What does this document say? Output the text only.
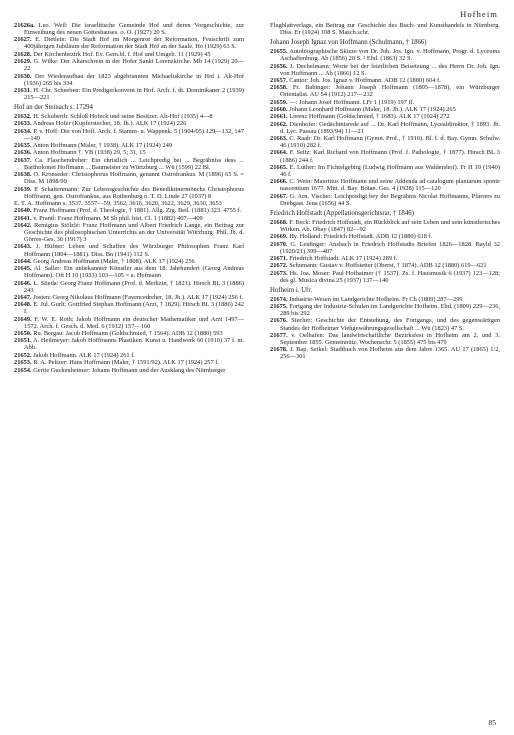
Hofheim
21626a. Leo. Weil: Die israelitische Gemeinde Hof und deren Vorgeschichte, zur Einweihung des neuen Gotteshauses. o. O. (1927) 20 S.
21627. E. Dietlein: Die Stadt Hof im Morgenrot der Reformation, Festschrift zum 400jährigen Jubiläum der Reformation der Stadt Hof an der Saale. Ho (1929) 63 S.
21628. Der Kirchenbezirk Hof. Ev. Gem.bl. f. Hof und Umgeb. 11 (1929) 45
21629. G. Wilke: Der Altarschrein in der Hofer Sankt Lorenzkirche. Mb 14 (1929) 20—22
21630. Der Wiederaufbau der 1823 abgebrannten Michaeliskirche in Hof i. Alt-Hof (1936) 265 bis 334
21631. H. Chr. Scheeben: Ein Predigerkonvent in Hof. Arch. f. dt. Dominikaner 2 (1939) 215—221
Hof an der Steinach s. 17294
21632. H. Schuberth: Schloß Hofeck und seine Besitzer. Alt-Hof (1935) 4—8
21633. Andreas Hofer (Kupferstecher, 18. Jh.). ALK 17 (1924) 226
21634. P. v. Hoff: Die von Hoff. Arch. f. Stamm- u. Wappenk. 5 (1904/05) 129—132, 147—149
21635. Anton Hoffmann (Maler, † 1938). ALK 17 (1924) 249
21636. Anton Hoffmann †. VB (1938) 29, 5; 31, 15
21637. Ca. Flaschendreher: Ein christlich ... Leichpredig bei ... Begräbniss dess ... Bartholomei Hoffmann ... Baumeister zu Würtzburg ... Wü (1599) 22 Bl.
21638. O. Kronseder: Christophorus Hoffmann, genannt Ostrofrankus. M (1896) 65 S. = Diss. M 1898/99
21639. P. Schattenmann: Zur Lebensgeschichte des Benediktinermönchs Christophorus Hoffmann, gen. Ostrofrankus, aus Rothenburg o. T. D. Linde 27 (1937) 8
E. T. A. Hoffmann s. 3537. 3557—59, 3562, 3616, 3620, 3622, 3629, 3630, 3653
21640. Franz Hoffmann (Prof. d. Theologie, † 1881). Allg. Ztg. Beil. (1881) 323. 4755 f.
21641. v. Prantl: Franz Hoffmann. M Sb phil. hist. Cl. 1 (1882) 407—409
21642. Remigius Stölzle: Franz Hoffmann und Albert Friedrich Lange, ein Beitrag zur Geschichte des philosophischen Unterrichts an der Universität Würzburg. Phil. Jb. d. Görres-Ges. 30 (1917) 3
21643. J. Hüfner: Leben und Schaffen des Würzburger Philosophen Franz Karl Hoffmann (1804—1881). Diss. Bn (1941) 112 S.
21644. Georg Andreas Hoffmann (Maler, † 1808). ALK 17 (1924) 256
21645. Al. Saller: Ein unbekannter Künstler aus dem 18. Jahrhundert (Georg Andreas Hoffmann). Oft H 10 (1933) 103—105 = a. Hofmann
21646. L. Stieda: Georg Franz Hoffmann (Prof. d. Medizin, † 1821). Hirsch BL 3 (1886) 243
21647. Josten: Georg Nikolaus Hoffmann (Fayencedreher, 18. Jh.). ALK 17 (1924) 256 f.
21648. E. Jul. Gurlt: Gottfried Stephan Hoffmann (Arzt, † 1829). Hirsch BL 3 (1886) 242 f.
21649. F. W. E. Roth: Jakob Hoffmann ein deutscher Mathematiker und Arzt 1497—1572. Arch. f. Gesch. d. Med. 6 (1912) 157—160
21650. Ru. Bergau: Jacob Hoffmann (Goldschmied, † 1564). ADB 12 (1880) 593
21651. A. Heilmeyer: Jakob Hoffmanns Plastiken. Kunst u. Handwerk 60 (1910) 37 f. m. Abb.
21652. Jakob Hoffmann. ALK 17 (1924) 261 f.
21653. R. A. Peltzer: Hans Hoffmann (Maler, † 1591/92). ALK 17 (1924) 257 f.
21654. Gertie Guckenheimer: Johann Hoffmann und der Ausklang des Nürnberger
Flugblattverlags, ein Beitrag zur Geschichte des Buch- und Kunsthandels in Nürnberg. Diss. Er (1924) 108 S. Masch.schr.
Johann Joseph Ignaz von Hoffmann (Schulmann, † 1866)
21655. Autobiographische Skizze von Dr. Joh. Jos. Ign. v. Hoffmann, Progr. d. Lyceums Aschaffenburg. Ab (1856) 20 S. ² Ebd. (1863) 32 S.
21656. J. Dechelmann: Worte bei der feierlichen Beisetzung ... des Herrn Dr. Joh. Ign. von Hoffmann ... Ab (1866) 12 S.
21657. Cantor: Joh. Jos. Ignaz v. Hoffmann. ADB 12 (1880) 604 f.
21658. Fr. Babinger: Johann Joseph Hoffmann (1805—1878), ein Würzburger Orientalist. AU 54 (1912) 217—232
21659. —: Johann Josef Hoffmann. LFr 1 (1919) 197 ff.
21660. Johann Leonhard Hoffmann (Maler, 18. Jh.). ALK 17 (1924) 265
21661. Lorenz Hoffmann (Goldschmied, † 1683). ALK 17 (1924) 272
21662. Dienhofer: Gedächtnisrede auf ... Dr. Karl Hoffmann, Lycealdirektor, † 1893. Jb. d. Lyc. Passau (1893/94) 11—21
21663. C. Raab: Dr. Karl Hoffmann (Gymn. Prof., † 1910). Bl. f. d. Bay. Gymn. Schulw. 46 (1910) 282 f.
21664. F. Seitz: Karl Richard von Hoffmann (Prof. f. Pathologie, † 1877). Hirsch BL 3 (1886) 244 f.
21665. E. Luther: Im Fichtelgebirg (Ludwig Hoffmann aus Waldershof). Fr H 19 (1940) 46 f.
21666. C. Wein: Mauritius Hoffmann und seine Addenda ad catalogum plantarum sponte nascentium 1677. Mitt. d. Bay. Botan. Ges. 4 (1928) 115—120
21667. G. Arn. Vischer: Leichpredigt bey der Begräbnis Nicolai Hoffmanns, Pfarrers zu Drebgast. Jena (1656) 44 S.
Friedrich Hoffstadt (Appellationsgerichtsrat, † 1846)
21668. F. Beck: Friedrich Hoffstadt, ein Rückblick auf sein Leben und sein künstlerisches Wirken. Ab. Obay (1847) 82—92
21669. Hy. Holland: Friedrich Hoffstadt. ADB 12 (1880) 618 f.
21670. G. Leidinger: Ansbach in Friedrich Hoffstadts Briefen 1826—1828. Bayld 32 (1920/21) 399—407
21671. Friedrich Hoffstadt. ALK 17 (1924) 289 f.
21672. Schumann: Gustav v. Hoffstetter (Oberst, † 1874). ADB 12 (1880) 619—621
21673. Hs. Joa. Moser: Paul Hofhaimer († 1537). Zs. f. Hausmusik 6 (1937) 123—128; des gl. Musica divina 25 (1937) 137—140
Hofheim i. Ufr.
21674. Industrie-Wesen im Landgerichte Hofheim. Fr Ch (1809) 287—299
21675. Fortgang der Industrie-Schulen im Landgerichte Hofheim. Ebd. (1809) 229—236, 289 bis 292
21676. Stecher: Geschichte der Entstehung, des Fortgangs, und des gegenwärtigen Standes der Hofheimer Viehgewährungsgesellschaft ... Wü (1823) 47 S.
21677. v. Oelhafen: Das landwirtschaftliche Bezirksfest in Hofheim am 2. und 3. September 1855. Gemeinnütz. Wochenschr. 5 (1855) 475 bis 479
21678. J. Bap. Seikel: Stadtbuch von Hofheim aus dem Jahre 1365. AU 17 (1865) 1/2, 256—301
85
